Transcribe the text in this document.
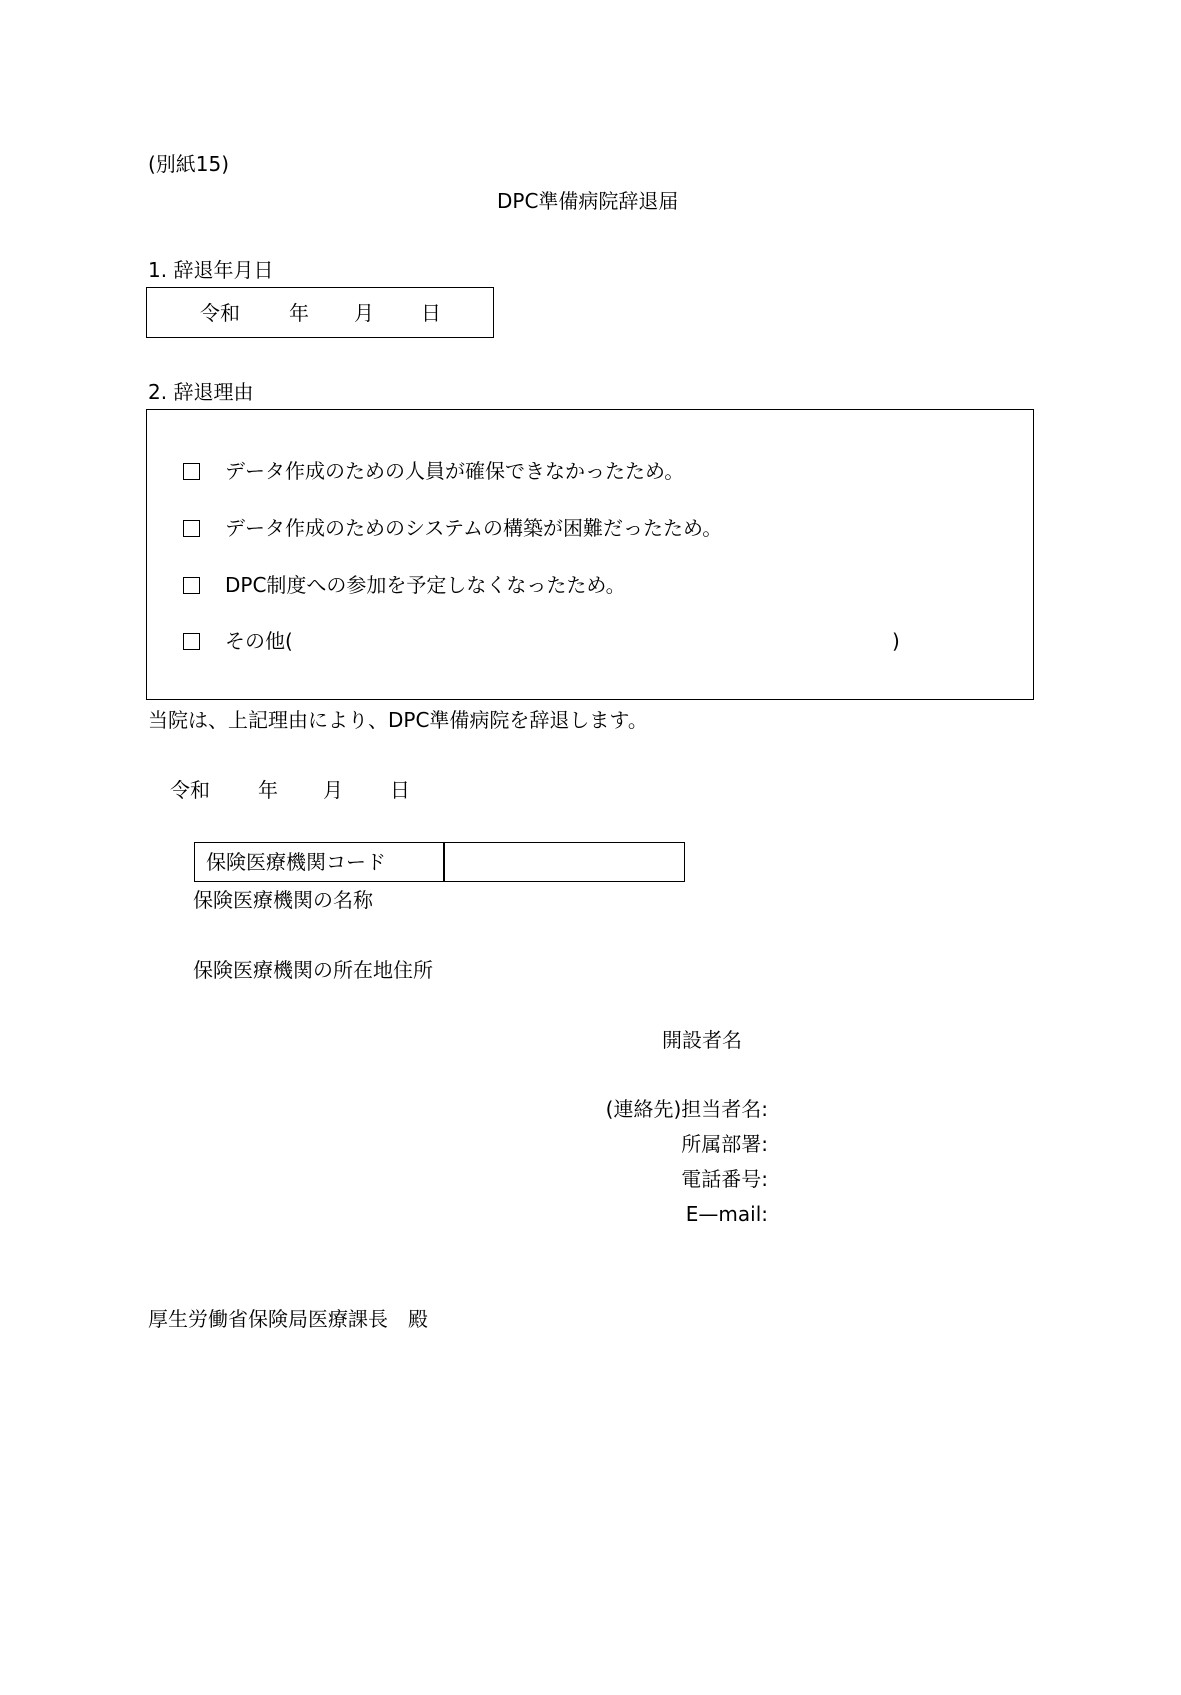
(別紙15)
DPC準備病院辞退届
1. 辞退年月日
令和 年 月 日
2. 辞退理由
データ作成のための人員が確保できなかったため。
データ作成のためのシステムの構築が困難だったため。
DPC制度への参加を予定しなくなったため。
その他(	)
当院は、上記理由により、DPC準備病院を辞退します。
令和 年 月 日
保険医療機関コード
保険医療機関の名称
保険医療機関の所在地住所
開設者名
(連絡先)担当者名:
所属部署:
電話番号:
E—mail:
厚生労働省保険局医療課長　殿
